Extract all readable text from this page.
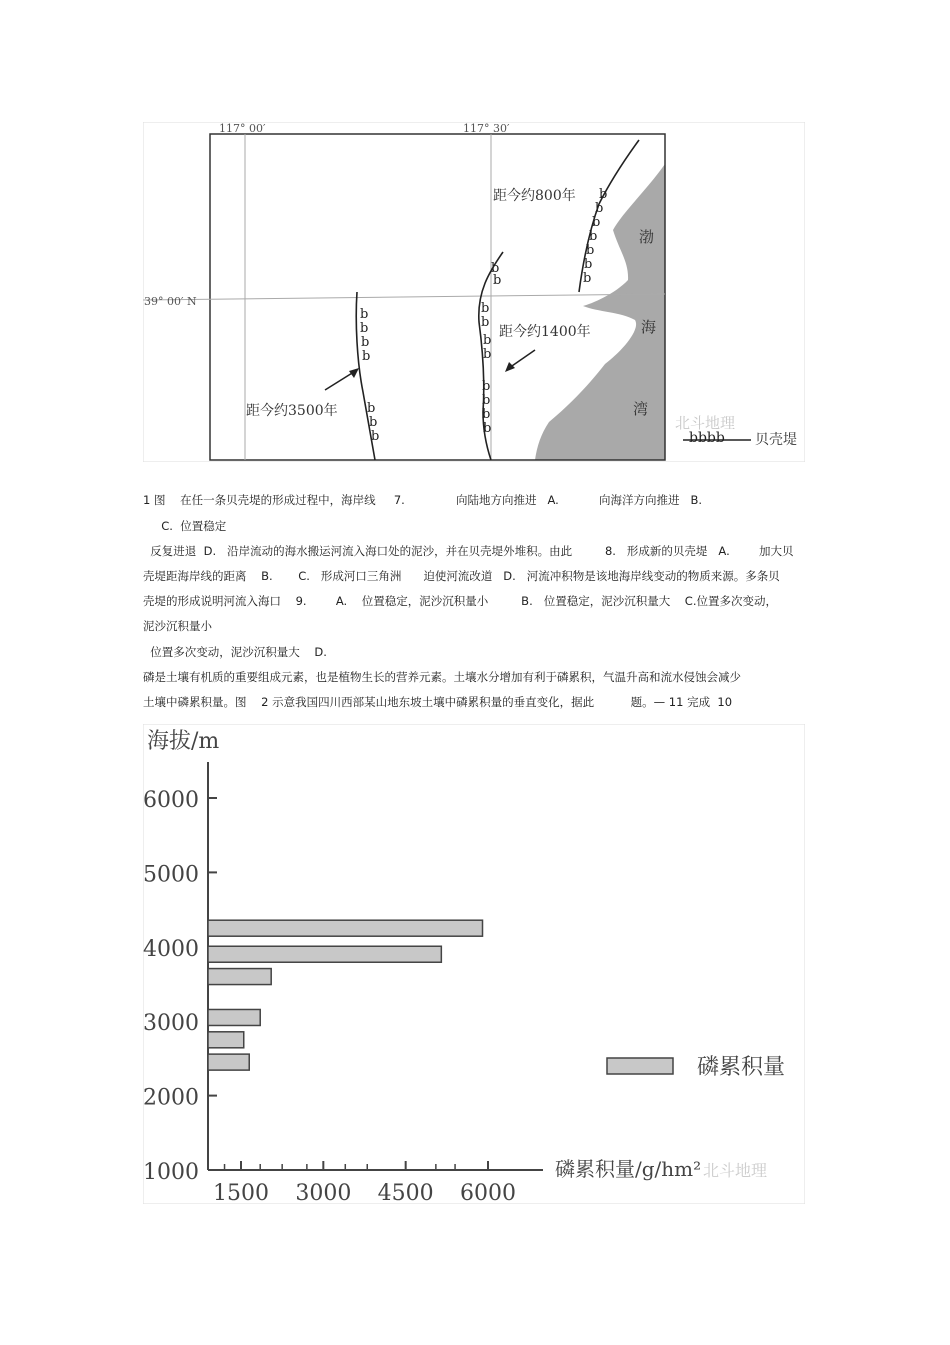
117° 00′	117° 30′
39° 00′ N
b
b
b
b
b
b
b
距今约3500年
b
b
b
b
b
b
b
b
b
b
距今约1400年
b
b
b
b
b
b
b
距今约800年
渤
海
湾
北斗地理
bbbb 贝壳堤
1 图    在任一条贝壳堤的形成过程中，海岸线     7.              向陆地方向推进   A.           向海洋方向推进   B.
C.  位置稳定
反复进退  D.   沿岸流动的海水搬运河流入海口处的泥沙，并在贝壳堤外堆积。由此         8.   形成新的贝壳堤   A.        加大贝
壳堤距海岸线的距离    B.       C.   形成河口三角洲      迫使河流改道   D.   河流冲积物是该地海岸线变动的物质来源。多条贝
壳堤的形成说明河流入海口    9.        A.    位置稳定，泥沙沉积量小         B.   位置稳定，泥沙沉积量大    C.位置多次变动，
泥沙沉积量小
位置多次变动，泥沙沉积量大    D.
磷是土壤有机质的重要组成元素，也是植物生长的营养元素。土壤水分增加有利于磷累积，气温升高和流水侵蚀会减少
土壤中磷累积量。图    2 示意我国四川西部某山地东坡土壤中磷累积量的垂直变化，据此          题。— 11 完成  10
海拔/m
1000
2000
3000
4000
5000
6000
1500 3000 4500 6000
磷累积量/g/hm² 北斗地理
磷累积量
